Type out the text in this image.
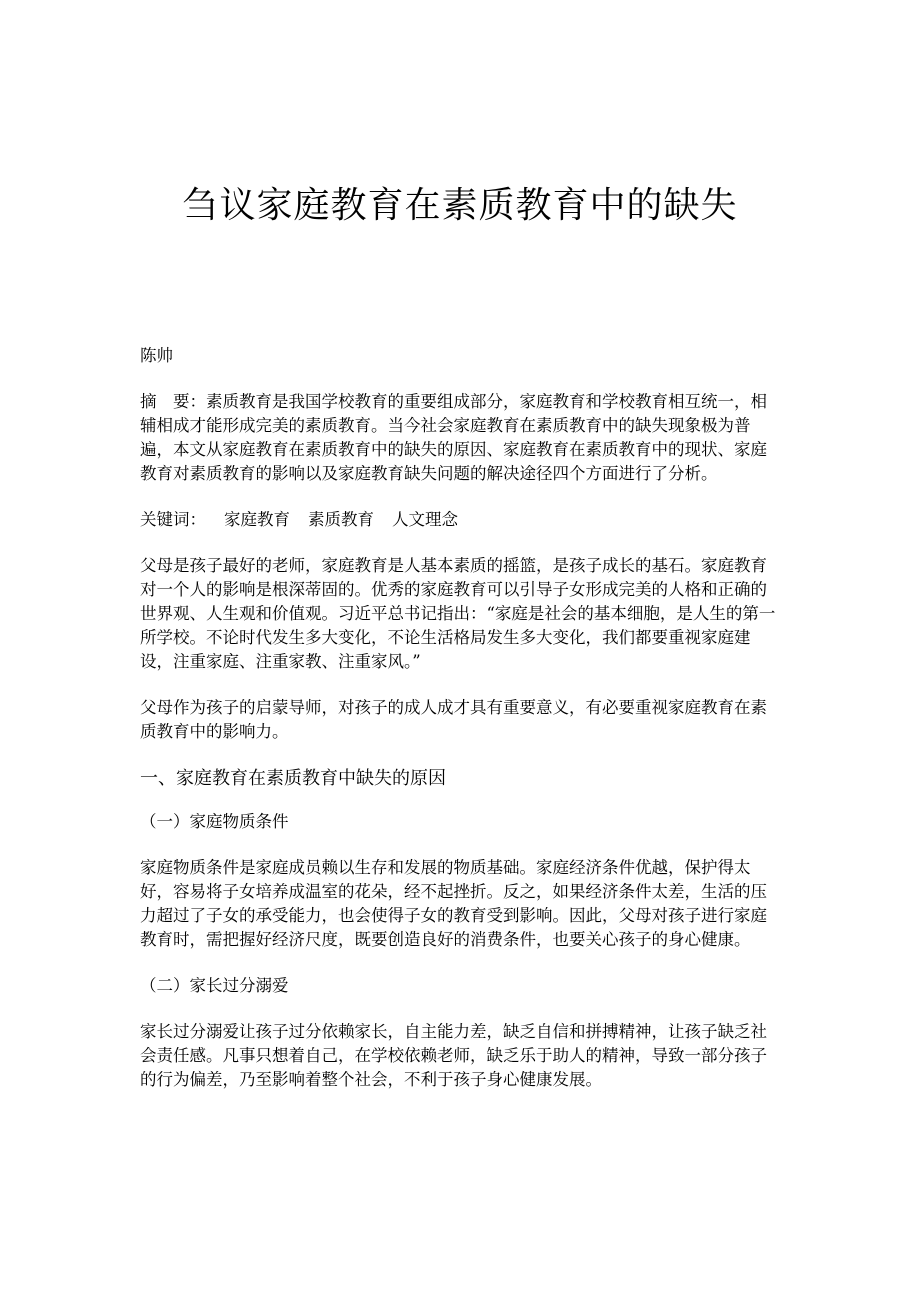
刍议家庭教育在素质教育中的缺失

陈帅

摘　要：素质教育是我国学校教育的重要组成部分，家庭教育和学校教育相互统一，相辅相成才能形成完美的素质教育。当今社会家庭教育在素质教育中的缺失现象极为普遍，本文从家庭教育在素质教育中的缺失的原因、家庭教育在素质教育中的现状、家庭教育对素质教育的影响以及家庭教育缺失问题的解决途径四个方面进行了分析。

关键词： 家庭教育 素质教育 人文理念

父母是孩子最好的老师，家庭教育是人基本素质的摇篮，是孩子成长的基石。家庭教育对一个人的影响是根深蒂固的。优秀的家庭教育可以引导子女形成完美的人格和正确的世界观、人生观和价值观。习近平总书记指出：“家庭是社会的基本细胞，是人生的第一所学校。不论时代发生多大变化，不论生活格局发生多大变化，我们都要重视家庭建设，注重家庭、注重家教、注重家风。”

父母作为孩子的启蒙导师，对孩子的成人成才具有重要意义，有必要重视家庭教育在素质教育中的影响力。

一、家庭教育在素质教育中缺失的原因

（一）家庭物质条件

家庭物质条件是家庭成员赖以生存和发展的物质基础。家庭经济条件优越，保护得太好，容易将子女培养成温室的花朵，经不起挫折。反之，如果经济条件太差，生活的压力超过了子女的承受能力，也会使得子女的教育受到影响。因此，父母对孩子进行家庭教育时，需把握好经济尺度，既要创造良好的消费条件，也要关心孩子的身心健康。

（二）家长过分溺爱

家长过分溺爱让孩子过分依赖家长，自主能力差，缺乏自信和拼搏精神，让孩子缺乏社会责任感。凡事只想着自己，在学校依赖老师，缺乏乐于助人的精神，导致一部分孩子的行为偏差，乃至影响着整个社会，不利于孩子身心健康发展。
